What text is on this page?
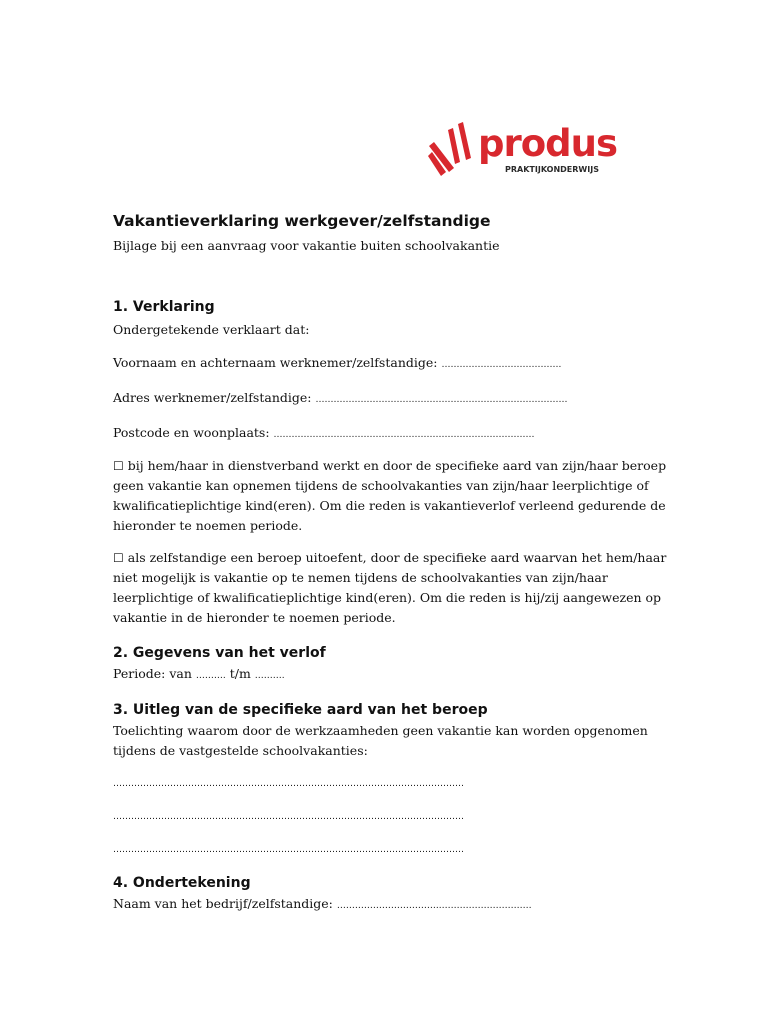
produs
PRAKTIJKONDERWIJS
Vakantieverklaring werkgever/zelfstandige
Bijlage bij een aanvraag voor vakantie buiten schoolvakantie
1. Verklaring
Ondergetekende verklaart dat:
Voornaam en achternaam werknemer/zelfstandige: ………………………………….
Adres werknemer/zelfstandige: …………………………………………………………………………
Postcode en woonplaats: ……………………………………………………………………………
☐ bij hem/haar in dienstverband werkt en door de specifieke aard van zijn/haar beroep geen vakantie kan opnemen tijdens de schoolvakanties van zijn/haar leerplichtige of kwalificatieplichtige kind(eren). Om die reden is vakantieverlof verleend gedurende de hieronder te noemen periode.
☐ als zelfstandige een beroep uitoefent, door de specifieke aard waarvan het hem/haar niet mogelijk is vakantie op te nemen tijdens de schoolvakanties van zijn/haar leerplichtige of kwalificatieplichtige kind(eren). Om die reden is hij/zij aangewezen op vakantie in de hieronder te noemen periode.
2. Gegevens van het verlof
Periode: van ………. t/m ……….
3. Uitleg van de specifieke aard van het beroep
Toelichting waarom door de werkzaamheden geen vakantie kan worden opgenomen tijdens de vastgestelde schoolvakanties:
………………………………………………………………………………………………………
………………………………………………………………………………………………………
………………………………………………………………………………………………………
4. Ondertekening
Naam van het bedrijf/zelfstandige: ……………………………..…………………………
